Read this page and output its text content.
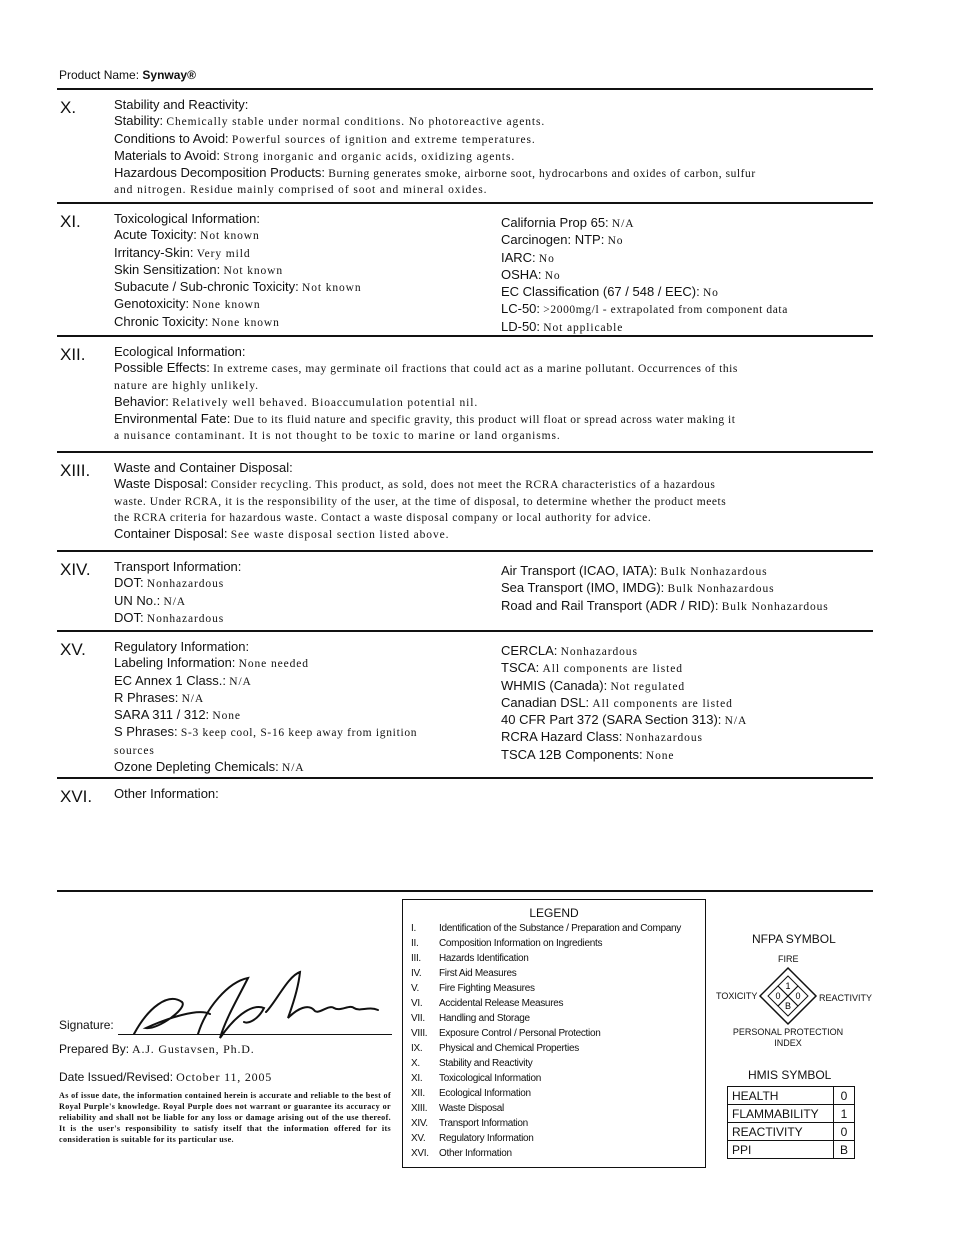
Product Name: Synway®
X.	Stability and Reactivity:
Stability: Chemically stable under normal conditions. No photoreactive agents.
Conditions to Avoid: Powerful sources of ignition and extreme temperatures.
Materials to Avoid: Strong inorganic and organic acids, oxidizing agents.
Hazardous Decomposition Products: Burning generates smoke, airborne soot, hydrocarbons and oxides of carbon, sulfur
and nitrogen. Residue mainly comprised of soot and mineral oxides.
XI.	Toxicological Information:
Acute Toxicity: Not known
Irritancy-Skin: Very mild
Skin Sensitization: Not known
Subacute / Sub-chronic Toxicity: Not known
Genotoxicity: None known
Chronic Toxicity: None known
California Prop 65: N/A
Carcinogen: NTP: No
IARC: No
OSHA: No
EC Classification (67 / 548 / EEC): No
LC-50: >2000mg/l - extrapolated from component data
LD-50: Not applicable
XII. Ecological Information:
Possible Effects: In extreme cases, may germinate oil fractions that could act as a marine pollutant. Occurrences of this
nature are highly unlikely.
Behavior: Relatively well behaved. Bioaccumulation potential nil.
Environmental Fate: Due to its fluid nature and specific gravity, this product will float or spread across water making it
a nuisance contaminant. It is not thought to be toxic to marine or land organisms.
XIII. Waste and Container Disposal:
Waste Disposal: Consider recycling. This product, as sold, does not meet the RCRA characteristics of a hazardous
waste. Under RCRA, it is the responsibility of the user, at the time of disposal, to determine whether the product meets
the RCRA criteria for hazardous waste. Contact a waste disposal company or local authority for advice.
Container Disposal: See waste disposal section listed above.
XIV. Transport Information:
DOT: Nonhazardous
UN No.: N/A
DOT: Nonhazardous
Air Transport (ICAO, IATA): Bulk Nonhazardous
Sea Transport (IMO, IMDG): Bulk Nonhazardous
Road and Rail Transport (ADR / RID): Bulk Nonhazardous
XV. Regulatory Information:
Labeling Information: None needed
EC Annex 1 Class.: N/A
R Phrases: N/A
SARA 311 / 312: None
S Phrases: S-3 keep cool, S-16 keep away from ignition
sources
Ozone Depleting Chemicals: N/A
CERCLA: Nonhazardous
TSCA: All components are listed
WHMIS (Canada): Not regulated
Canadian DSL: All components are listed
40 CFR Part 372 (SARA Section 313): N/A
RCRA Hazard Class: Nonhazardous
TSCA 12B Components: None
XVI. Other Information:
Signature:
Prepared By: A.J. Gustavsen, Ph.D.
Date Issued/Revised: October 11, 2005
As of issue date, the information contained herein is accurate and reliable to the best of Royal Purple's knowledge. Royal Purple does not warrant or guarantee its accuracy or reliability and shall not be liable for any loss or damage arising out of the use thereof. It is the user's responsibility to satisfy itself that the information offered for its consideration is suitable for its particular use.
LEGEND
I. Identification of the Substance / Preparation and Company
II. Composition Information on Ingredients
III. Hazards Identification
IV. First Aid Measures
V. Fire Fighting Measures
VI. Accidental Release Measures
VII. Handling and Storage
VIII. Exposure Control / Personal Protection
IX. Physical and Chemical Properties
X. Stability and Reactivity
XI. Toxicological Information
XII. Ecological Information
XIII. Waste Disposal
XIV. Transport Information
XV. Regulatory Information
XVI. Other Information
NFPA SYMBOL
FIRE
TOXICITY	REACTIVITY
1
0 0
B
PERSONAL PROTECTION
INDEX
HMIS SYMBOL
HEALTH	0
FLAMMABILITY	1
REACTIVITY	0
PPI	B
